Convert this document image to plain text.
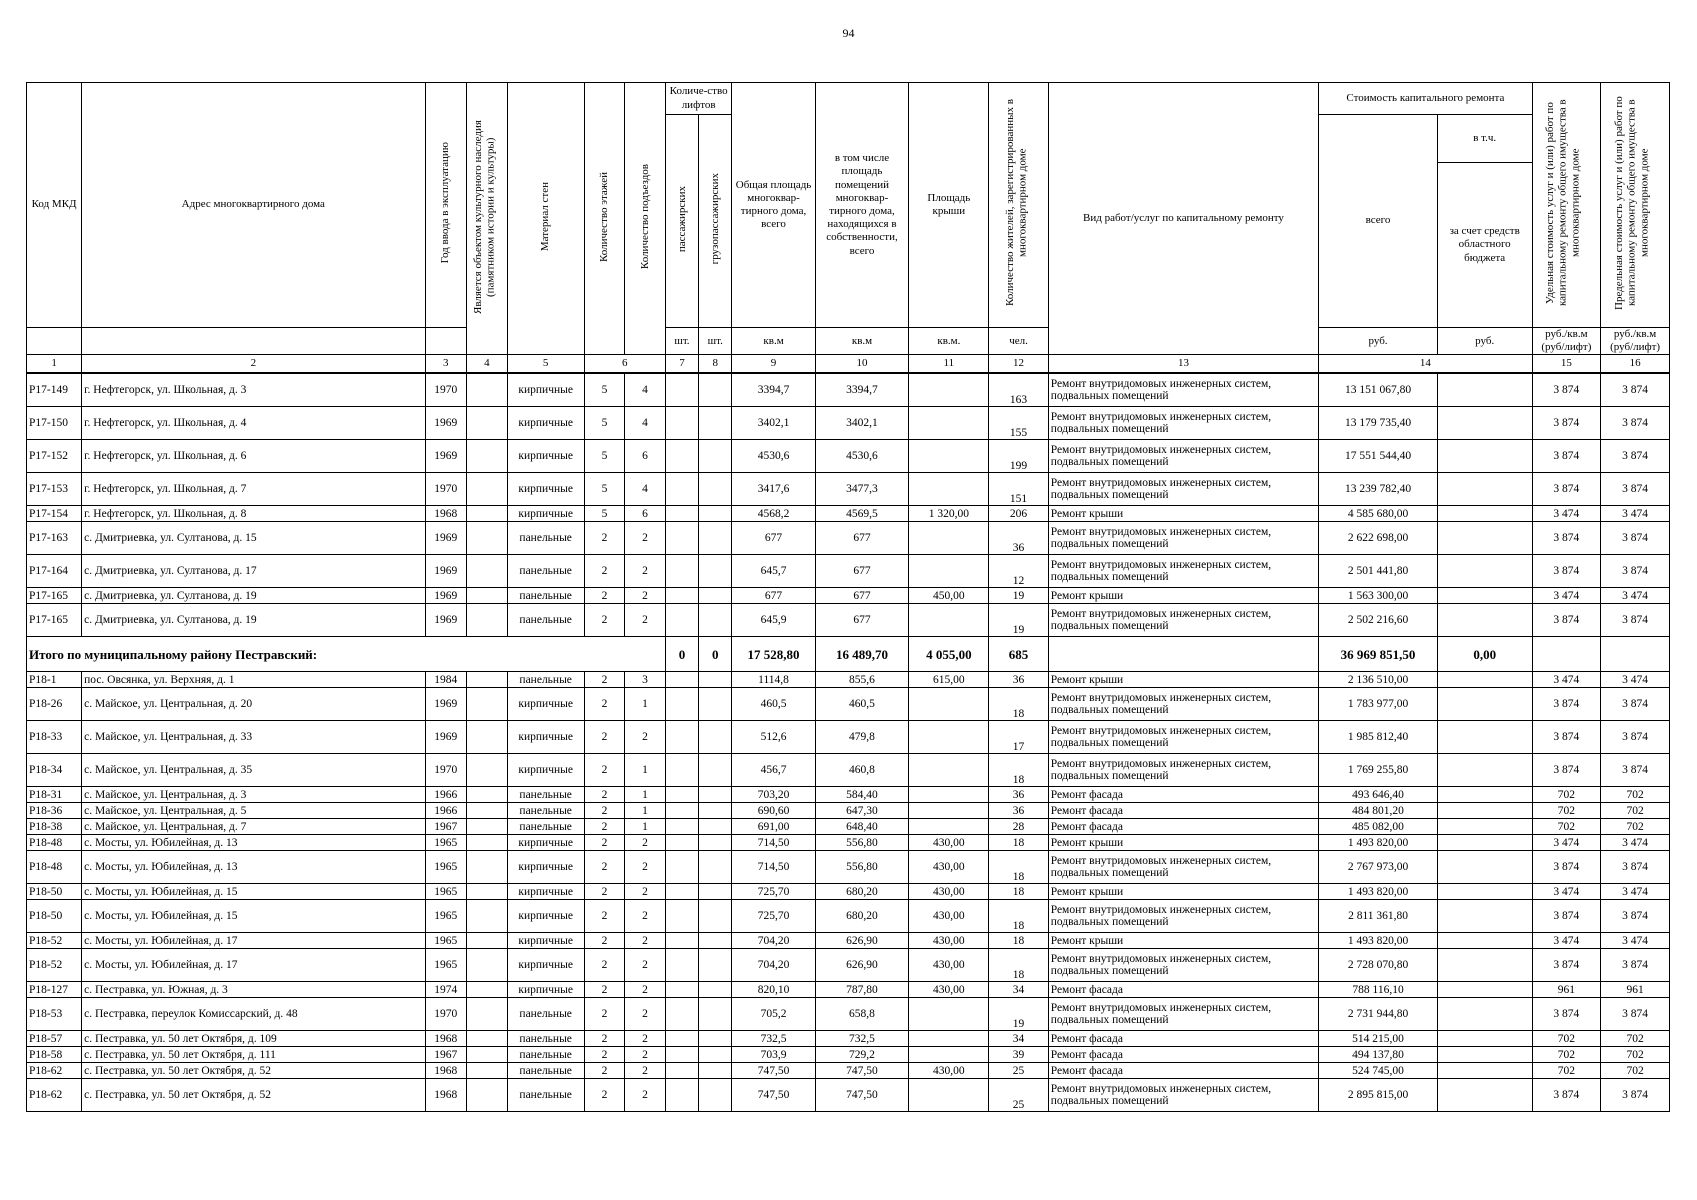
94
Код МКД	Адрес многоквартирного дома	Год ввода в эксплуатацию	Является объектом культурного наследия (памятником истории и культуры)	Материал стен	Количество этажей	Количество подъездов	Количе-ство лифтов		Общая площадь многоквар-тирного дома, всего	в том числе площадь помещений многоквар-тирного дома, находящихся в собственности, всего	Площадь крыши	Количество жителей, зарегистрированных в многоквартирном доме	Вид работ/услуг по капитальному ремонту	Стоимость капитального ремонта		Удельная стоимость услуг и (или) работ по капитальному ремонту общего имущества в многоквартирном доме	Предельная стоимость услуг и (или) работ по капитальному ремонту общего имущества в многоквартирном доме
							пассажирских	грузопассажирских						всего	в т.ч.		
															за счет средств областного бюджета		
							шт.	шт.	кв.м	кв.м	кв.м.	чел.		руб.	руб.	руб./кв.м (руб/лифт)	руб./кв.м (руб/лифт)
1	2	3	4	5	6		7	8	9	10	11	12	13	14		15	16
Р17-149	г. Нефтегорск, ул. Школьная, д. 3	1970		кирпичные	5	4			3394,7	3394,7		163	Ремонт внутридомовых инженерных систем, подвальных помещений	13 151 067,80		3 874	3 874
Р17-150	г. Нефтегорск, ул. Школьная, д. 4	1969		кирпичные	5	4			3402,1	3402,1		155	Ремонт внутридомовых инженерных систем, подвальных помещений	13 179 735,40		3 874	3 874
Р17-152	г. Нефтегорск, ул. Школьная, д. 6	1969		кирпичные	5	6			4530,6	4530,6		199	Ремонт внутридомовых инженерных систем, подвальных помещений	17 551 544,40		3 874	3 874
Р17-153	г. Нефтегорск, ул. Школьная, д. 7	1970		кирпичные	5	4			3417,6	3477,3		151	Ремонт внутридомовых инженерных систем, подвальных помещений	13 239 782,40		3 874	3 874
Р17-154	г. Нефтегорск, ул. Школьная, д. 8	1968		кирпичные	5	6			4568,2	4569,5	1 320,00	206	Ремонт крыши	4 585 680,00		3 474	3 474
Р17-163	с. Дмитриевка, ул. Султанова, д. 15	1969		панельные	2	2			677	677		36	Ремонт внутридомовых инженерных систем, подвальных помещений	2 622 698,00		3 874	3 874
Р17-164	с. Дмитриевка, ул. Султанова, д. 17	1969		панельные	2	2			645,7	677		12	Ремонт внутридомовых инженерных систем, подвальных помещений	2 501 441,80		3 874	3 874
Р17-165	с. Дмитриевка, ул. Султанова, д. 19	1969		панельные	2	2			677	677	450,00	19	Ремонт крыши	1 563 300,00		3 474	3 474
Р17-165	с. Дмитриевка, ул. Султанова, д. 19	1969		панельные	2	2			645,9	677		19	Ремонт внутридомовых инженерных систем, подвальных помещений	2 502 216,60		3 874	3 874
Итого по муниципальному району Пестравский:							0	0	17 528,80	16 489,70	4 055,00	685		36 969 851,50	0,00		
Р18-1	пос. Овсянка, ул. Верхняя, д. 1	1984		панельные	2	3			1114,8	855,6	615,00	36	Ремонт крыши	2 136 510,00		3 474	3 474
Р18-26	с. Майское, ул. Центральная, д. 20	1969		кирпичные	2	1			460,5	460,5		18	Ремонт внутридомовых инженерных систем, подвальных помещений	1 783 977,00		3 874	3 874
Р18-33	с. Майское, ул. Центральная, д. 33	1969		кирпичные	2	2			512,6	479,8		17	Ремонт внутридомовых инженерных систем, подвальных помещений	1 985 812,40		3 874	3 874
Р18-34	с. Майское, ул. Центральная, д. 35	1970		кирпичные	2	1			456,7	460,8		18	Ремонт внутридомовых инженерных систем, подвальных помещений	1 769 255,80		3 874	3 874
Р18-31	с. Майское, ул. Центральная, д. 3	1966		панельные	2	1			703,20	584,40		36	Ремонт фасада	493 646,40		702	702
Р18-36	с. Майское, ул. Центральная, д. 5	1966		панельные	2	1			690,60	647,30		36	Ремонт фасада	484 801,20		702	702
Р18-38	с. Майское, ул. Центральная, д. 7	1967		панельные	2	1			691,00	648,40		28	Ремонт фасада	485 082,00		702	702
Р18-48	с. Мосты, ул. Юбилейная, д. 13	1965		кирпичные	2	2			714,50	556,80	430,00	18	Ремонт крыши	1 493 820,00		3 474	3 474
Р18-48	с. Мосты, ул. Юбилейная, д. 13	1965		кирпичные	2	2			714,50	556,80	430,00	18	Ремонт внутридомовых инженерных систем, подвальных помещений	2 767 973,00		3 874	3 874
Р18-50	с. Мосты, ул. Юбилейная, д. 15	1965		кирпичные	2	2			725,70	680,20	430,00	18	Ремонт крыши	1 493 820,00		3 474	3 474
Р18-50	с. Мосты, ул. Юбилейная, д. 15	1965		кирпичные	2	2			725,70	680,20	430,00	18	Ремонт внутридомовых инженерных систем, подвальных помещений	2 811 361,80		3 874	3 874
Р18-52	с. Мосты, ул. Юбилейная, д. 17	1965		кирпичные	2	2			704,20	626,90	430,00	18	Ремонт крыши	1 493 820,00		3 474	3 474
Р18-52	с. Мосты, ул. Юбилейная, д. 17	1965		кирпичные	2	2			704,20	626,90	430,00	18	Ремонт внутридомовых инженерных систем, подвальных помещений	2 728 070,80		3 874	3 874
Р18-127	с. Пестравка, ул. Южная, д. 3	1974		кирпичные	2	2			820,10	787,80	430,00	34	Ремонт фасада	788 116,10		961	961
Р18-53	с. Пестравка, переулок Комиссарский, д. 48	1970		панельные	2	2			705,2	658,8		19	Ремонт внутридомовых инженерных систем, подвальных помещений	2 731 944,80		3 874	3 874
Р18-57	с. Пестравка, ул. 50 лет Октября, д. 109	1968		панельные	2	2			732,5	732,5		34	Ремонт фасада	514 215,00		702	702
Р18-58	с. Пестравка, ул. 50 лет Октября, д. 111	1967		панельные	2	2			703,9	729,2		39	Ремонт фасада	494 137,80		702	702
Р18-62	с. Пестравка, ул. 50 лет Октября, д. 52	1968		панельные	2	2			747,50	747,50	430,00	25	Ремонт фасада	524 745,00		702	702
Р18-62	с. Пестравка, ул. 50 лет Октября, д. 52	1968		панельные	2	2			747,50	747,50		25	Ремонт внутридомовых инженерных систем, подвальных помещений	2 895 815,00		3 874	3 874
